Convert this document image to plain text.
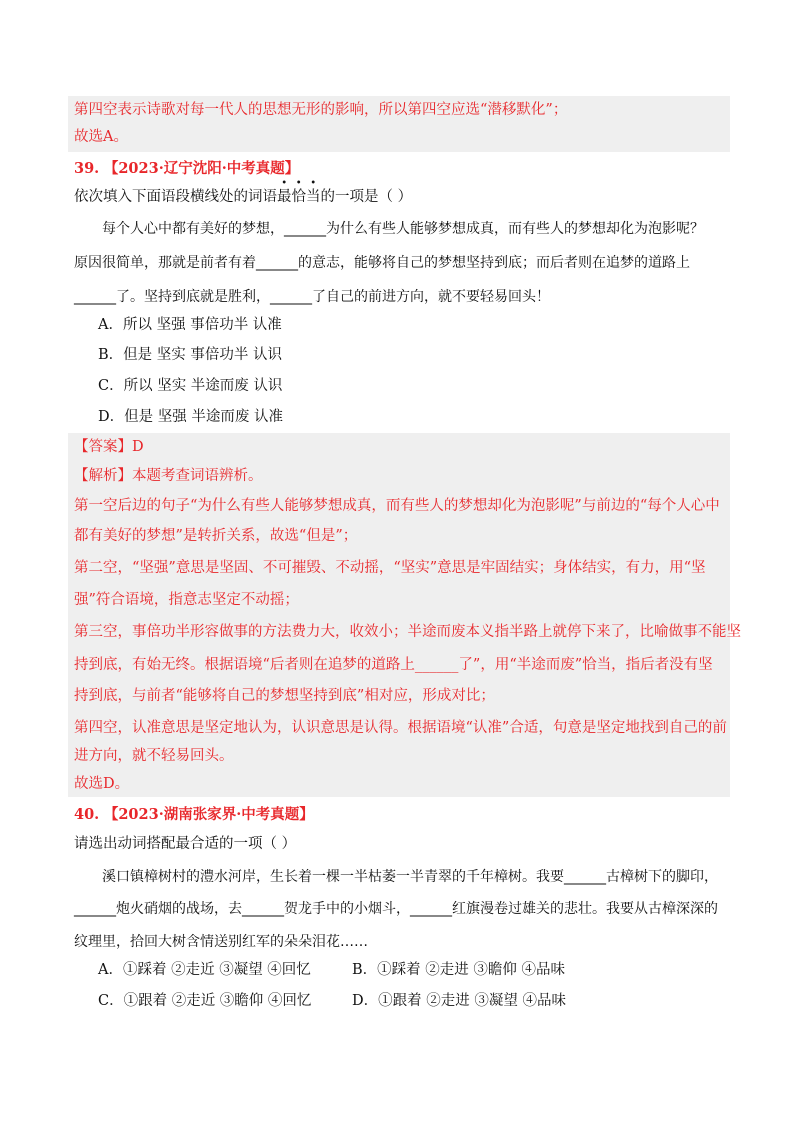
第四空表示诗歌对每一代人的思想无形的影响，所以第四空应选“潜移默化”；
故选A。
39. 【2023·辽宁沈阳·中考真题】
依次填入下面语段横线处的词语最恰当的一项是（ ）
每个人心中都有美好的梦想，______为什么有些人能够梦想成真，而有些人的梦想却化为泡影呢？
原因很简单，那就是前者有着______的意志，能够将自己的梦想坚持到底；而后者则在追梦的道路上
______了。坚持到底就是胜利，______了自己的前进方向，就不要轻易回头！
A．所以 坚强 事倍功半 认准
B．但是 坚实 事倍功半 认识
C．所以 坚实 半途而废 认识
D．但是 坚强 半途而废 认准
【答案】D
【解析】本题考查词语辨析。
第一空后边的句子“为什么有些人能够梦想成真，而有些人的梦想却化为泡影呢”与前边的“每个人心中
都有美好的梦想”是转折关系，故选“但是”；
第二空，“坚强”意思是坚固、不可摧毁、不动摇，“坚实”意思是牢固结实；身体结实，有力，用“坚
强”符合语境，指意志坚定不动摇；
第三空，事倍功半形容做事的方法费力大，收效小；半途而废本义指半路上就停下来了，比喻做事不能坚
持到底，有始无终。根据语境“后者则在追梦的道路上______了”，用“半途而废”恰当，指后者没有坚
持到底，与前者“能够将自己的梦想坚持到底”相对应，形成对比；
第四空，认准意思是坚定地认为，认识意思是认得。根据语境“认准”合适，句意是坚定地找到自己的前
进方向，就不轻易回头。
故选D。
40. 【2023·湖南张家界·中考真题】
请选出动词搭配最合适的一项（ ）
溪口镇樟树村的澧水河岸，生长着一棵一半枯萎一半青翠的千年樟树。我要______古樟树下的脚印，
______炮火硝烟的战场，去______贺龙手中的小烟斗，______红旗漫卷过雄关的悲壮。我要从古樟深深的
纹理里，拾回大树含情送别红军的朵朵泪花……
A．①踩着 ②走近 ③凝望 ④回忆	B．①踩着 ②走进 ③瞻仰 ④品味
C．①跟着 ②走近 ③瞻仰 ④回忆	D．①跟着 ②走进 ③凝望 ④品味
